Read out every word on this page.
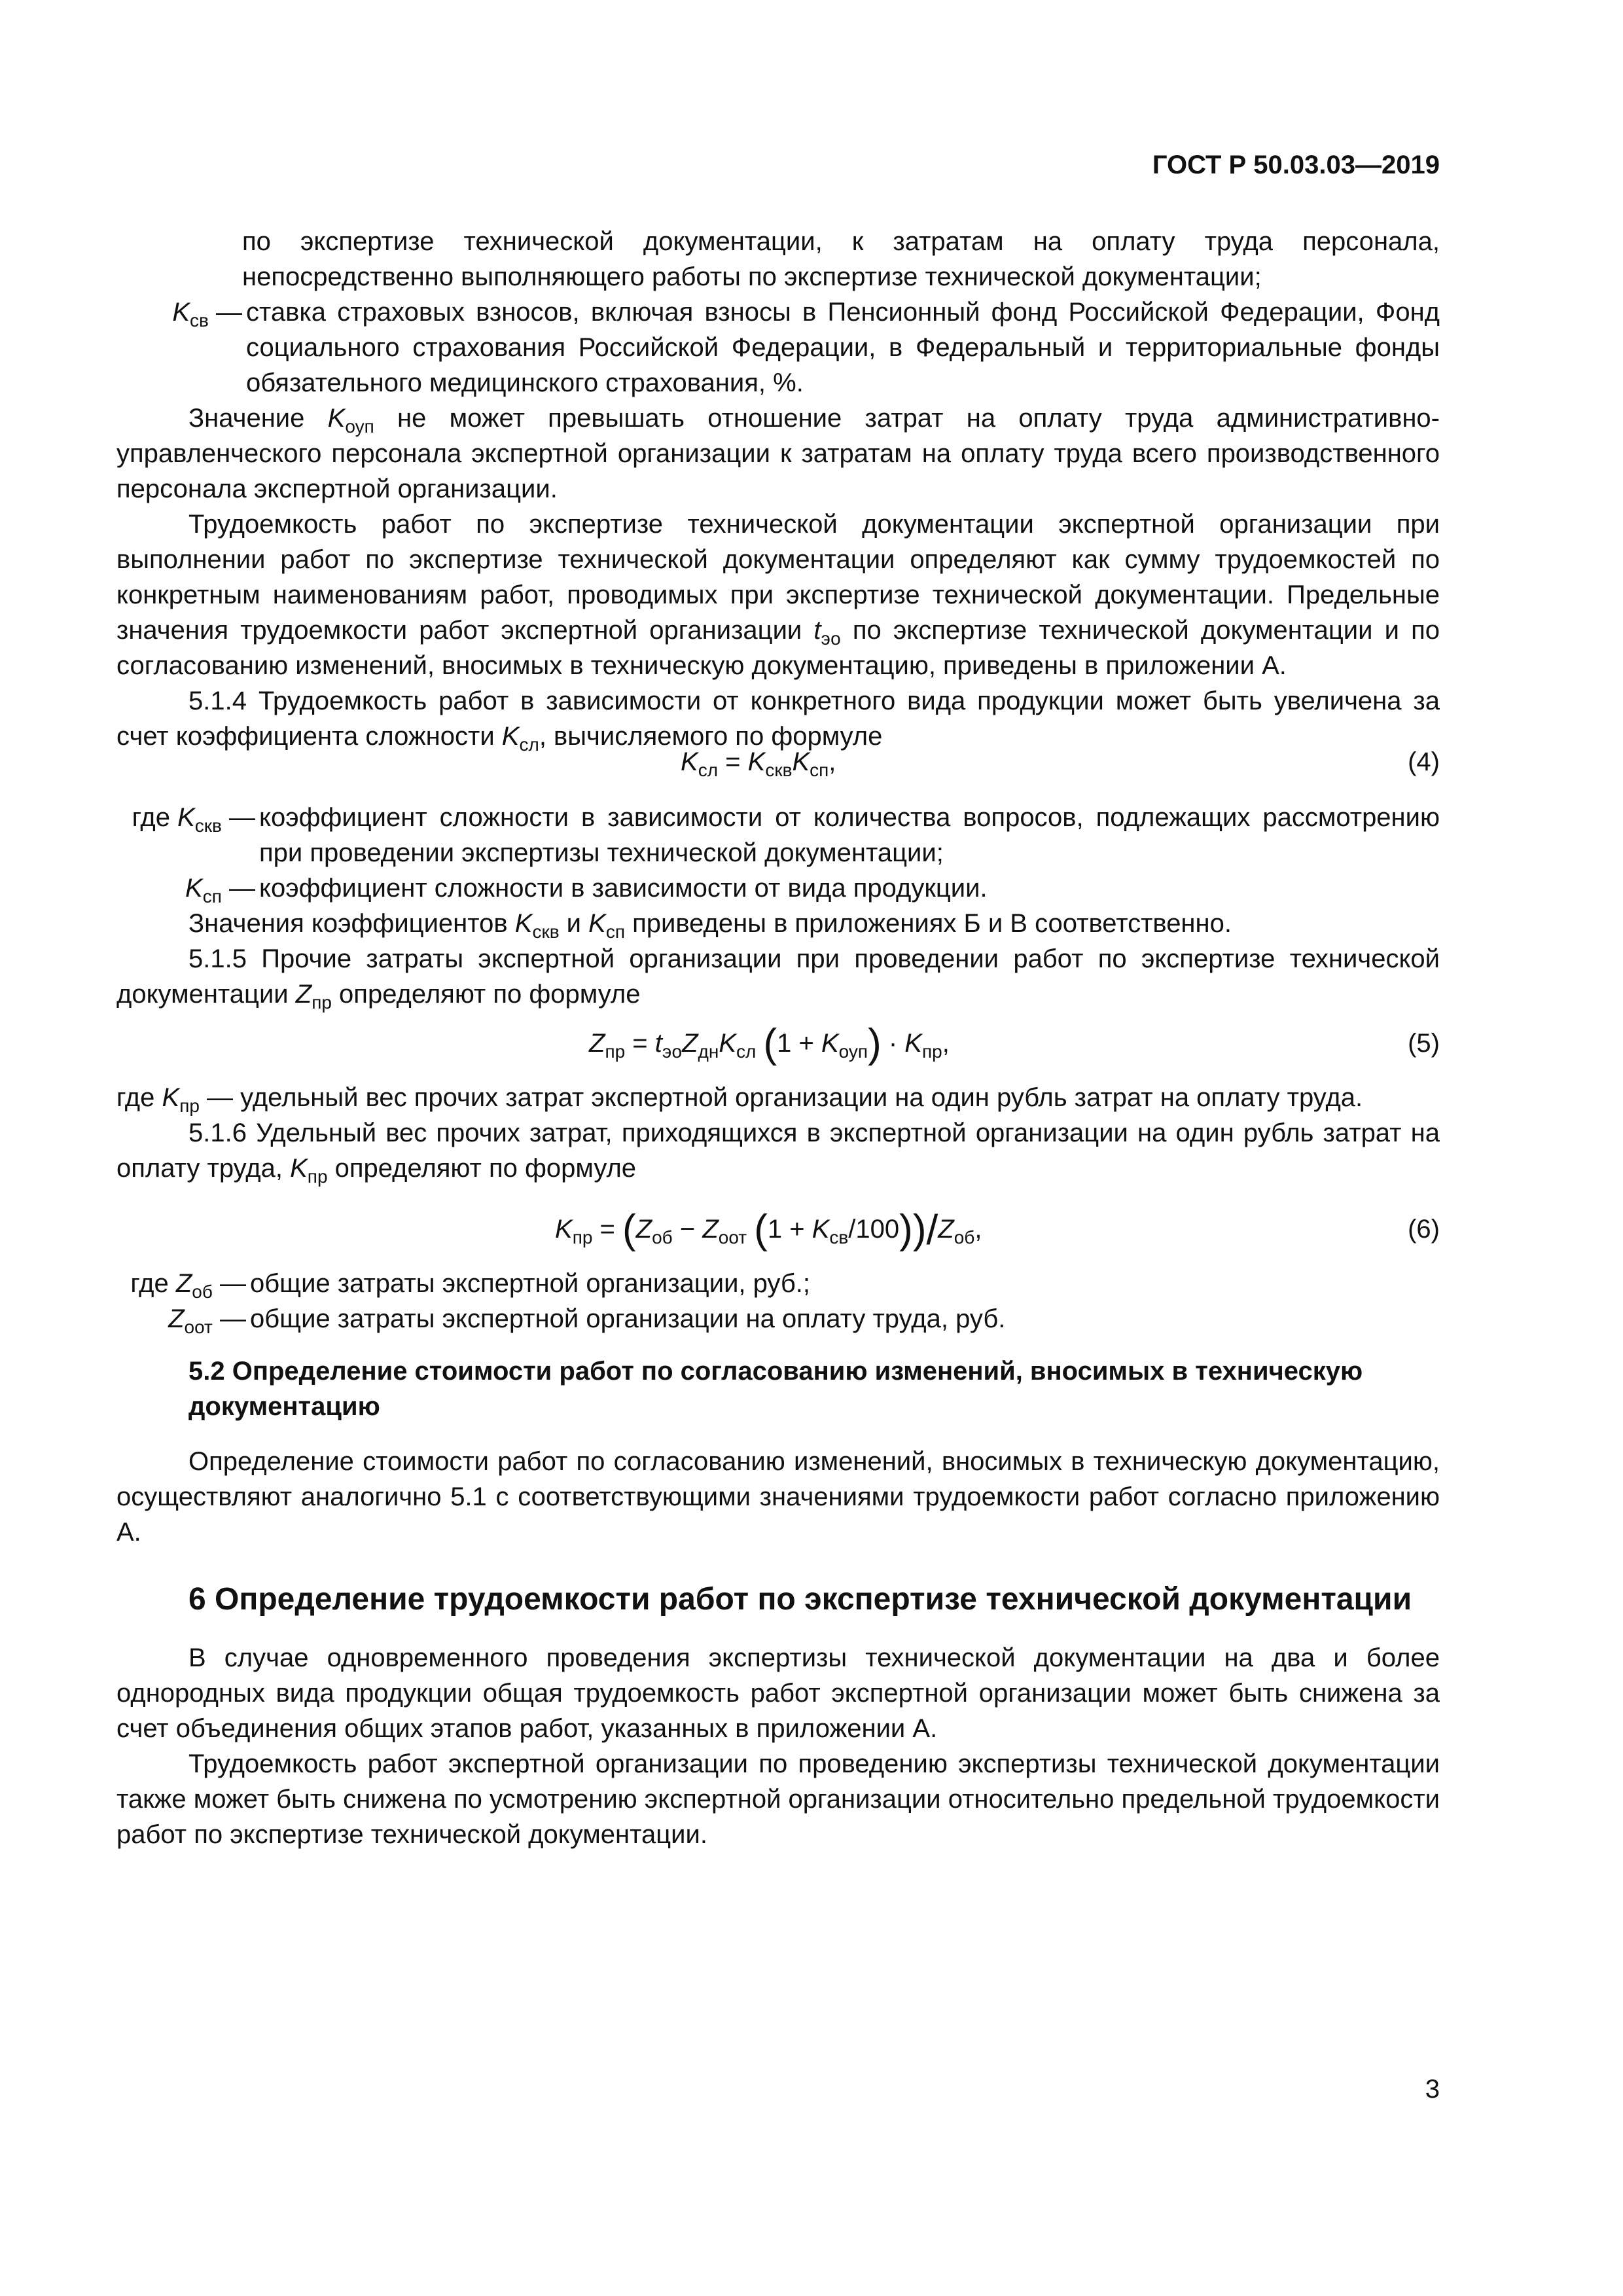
ГОСТ Р 50.03.03—2019

по экспертизе технической документации, к затратам на оплату труда персонала, непосредственно выполняющего работы по экспертизе технической документации;

$K_{св}$ — ставка страховых взносов, включая взносы в Пенсионный фонд Российской Федерации, Фонд социального страхования Российской Федерации, в Федеральный и территориальные фонды обязательного медицинского страхования, %.

Значение $K_{оуп}$ не может превышать отношение затрат на оплату труда административно-управленческого персонала экспертной организации к затратам на оплату труда всего производственного персонала экспертной организации.

Трудоемкость работ по экспертизе технической документации экспертной организации при выполнении работ по экспертизе технической документации определяют как сумму трудоемкостей по конкретным наименованиям работ, проводимых при экспертизе технической документации. Предельные значения трудоемкости работ экспертной организации $t_{эо}$ по экспертизе технической документации и по согласованию изменений, вносимых в техническую документацию, приведены в приложении А.

5.1.4 Трудоемкость работ в зависимости от конкретного вида продукции может быть увеличена за счет коэффициента сложности $K_{сл}$, вычисляемого по формуле

$K_{сл} = K_{скв}K_{сп}$,	(4)
где $K_{скв}$ — коэффициент сложности в зависимости от количества вопросов, подлежащих рассмотрению при проведении экспертизы технической документации;
$K_{сп}$ — коэффициент сложности в зависимости от вида продукции.

Значения коэффициентов $K_{скв}$ и $K_{сп}$ приведены в приложениях Б и В соответственно.

5.1.5 Прочие затраты экспертной организации при проведении работ по экспертизе технической документации $Z_{пр}$ определяют по формуле

$Z_{пр} = t_{эо}Z_{дн}K_{сл}$ $(1 + K_{оуп}) \cdot K_{пр}$,	(5)

где $K_{пр}$ — удельный вес прочих затрат экспертной организации на один рубль затрат на оплату труда.

5.1.6 Удельный вес прочих затрат, приходящихся в экспертной организации на один рубль затрат на оплату труда, $K_{пр}$ определяют по формуле

$K_{пр} = (Z_{об} - Z_{оот}$ $(1 + K_{св}/100))/Z_{об}$,	(6)
где $Z_{об}$ — общие затраты экспертной организации, руб.;
$Z_{оот}$ — общие затраты экспертной организации на оплату труда, руб.

5.2 Определение стоимости работ по согласованию изменений, вносимых в техническую документацию

Определение стоимости работ по согласованию изменений, вносимых в техническую документацию, осуществляют аналогично 5.1 с соответствующими значениями трудоемкости работ согласно приложению А.

6 Определение трудоемкости работ по экспертизе технической документации

В случае одновременного проведения экспертизы технической документации на два и более однородных вида продукции общая трудоемкость работ экспертной организации может быть снижена за счет объединения общих этапов работ, указанных в приложении А.

Трудоемкость работ экспертной организации по проведению экспертизы технической документации также может быть снижена по усмотрению экспертной организации относительно предельной трудоемкости работ по экспертизе технической документации.

3
